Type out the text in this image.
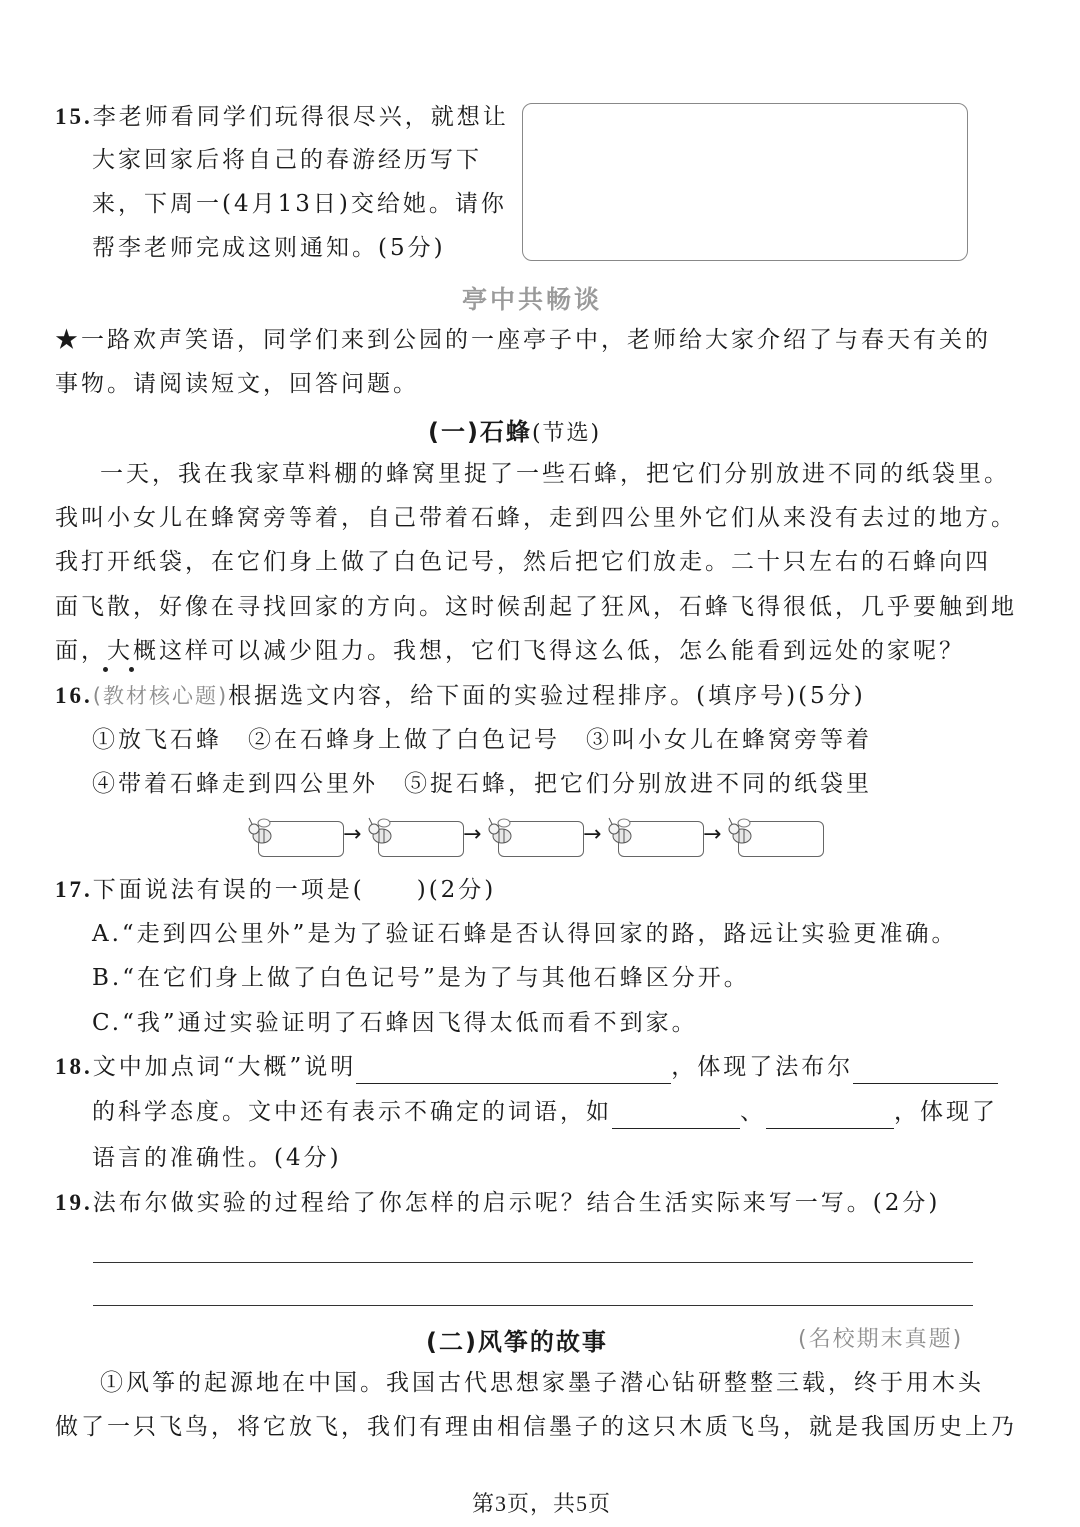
15.李老师看同学们玩得很尽兴，就想让
大家回家后将自己的春游经历写下
来，下周一(4月13日)交给她。请你
帮李老师完成这则通知。(5分)
亭中共畅谈
★一路欢声笑语，同学们来到公园的一座亭子中，老师给大家介绍了与春天有关的
事物。请阅读短文，回答问题。
(一)石蜂(节选)
一天，我在我家草料棚的蜂窝里捉了一些石蜂，把它们分别放进不同的纸袋里。
我叫小女儿在蜂窝旁等着，自己带着石蜂，走到四公里外它们从来没有去过的地方。
我打开纸袋，在它们身上做了白色记号，然后把它们放走。二十只左右的石蜂向四
面飞散，好像在寻找回家的方向。这时候刮起了狂风，石蜂飞得很低，几乎要触到地
面，大概这样可以减少阻力。我想，它们飞得这么低，怎么能看到远处的家呢？
16.(教材核心题)根据选文内容，给下面的实验过程排序。(填序号)(5分)
①放飞石蜂　②在石蜂身上做了白色记号　③叫小女儿在蜂窝旁等着
④带着石蜂走到四公里外　⑤捉石蜂，把它们分别放进不同的纸袋里
→	→	→	→
17.下面说法有误的一项是(　　)(2分)
A.“走到四公里外”是为了验证石蜂是否认得回家的路，路远让实验更准确。
B.“在它们身上做了白色记号”是为了与其他石蜂区分开。
C.“我”通过实验证明了石蜂因飞得太低而看不到家。
18.文中加点词“大概”说明	，体现了法布尔
的科学态度。文中还有表示不确定的词语，如	、	，体现了
语言的准确性。(4分)
19.法布尔做实验的过程给了你怎样的启示呢？结合生活实际来写一写。(2分)
(二)风筝的故事	(名校期末真题)
①风筝的起源地在中国。我国古代思想家墨子潜心钻研整整三载，终于用木头
做了一只飞鸟，将它放飞，我们有理由相信墨子的这只木质飞鸟，就是我国历史上乃
第3页，共5页
